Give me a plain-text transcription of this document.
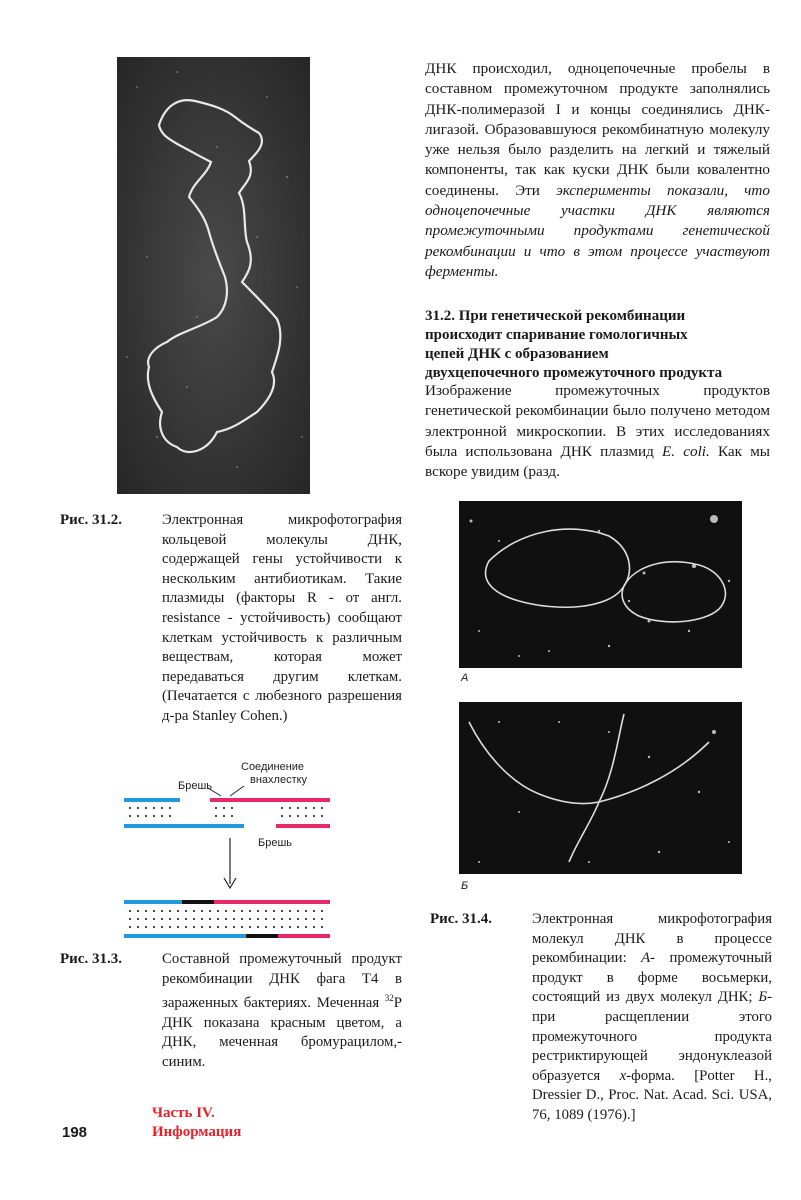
ДНК происходил, одноцепочечные пробелы в составном промежуточном продукте заполнялись ДНК-полимеразой I и концы соединялись ДНК-лигазой. Образовавшуюся рекомбинатную молекулу уже нельзя было разделить на легкий и тяжелый компоненты, так как куски ДНК были ковалентно соединены. Эти эксперименты показали, что одноцепочечные участки ДНК являются промежуточными продуктами генетической рекомбинации и что в этом процессе участвуют ферменты.

31.2. При генетической рекомбинации происходит спаривание гомологичных цепей ДНК с образованием двухцепочечного промежуточного продукта

Изображение промежуточных продуктов генетической рекомбинации было получено методом электронной микроскопии. В этих исследованиях была использована ДНК плазмид E. coli. Как мы вскоре увидим (разд.

Рис. 31.2.	Электронная микрофотография кольцевой молекулы ДНК, содержащей гены устойчивости к нескольким антибиотикам. Такие плазмиды (факторы R - от англ. resistance - устойчивость) сообщают клеткам устойчивость к различным веществам, которая может передаваться другим клеткам. (Печатается с любезного разрешения д-ра Stanley Cohen.)
Брешь
Соединение
внахлестку
Брешь
Рис. 31.3.	Составной промежуточный продукт рекомбинации ДНК фага Т4 в зараженных бактериях. Меченная $^{32}$Р ДНК показана красным цветом, а ДНК, меченная бромурацилом,- синим.
А
Б
Рис. 31.4.	Электронная микрофотография молекул ДНК в процессе рекомбинации: А- промежуточный продукт в форме восьмерки, состоящий из двух молекул ДНК; Б- при расщеплении этого промежуточного продукта рестриктирующей эндонуклеазой образуется x-форма. [Potter H., Dressier D., Proc. Nat. Acad. Sci. USA, 76, 1089 (1976).]
198
Часть IV.
Информация
